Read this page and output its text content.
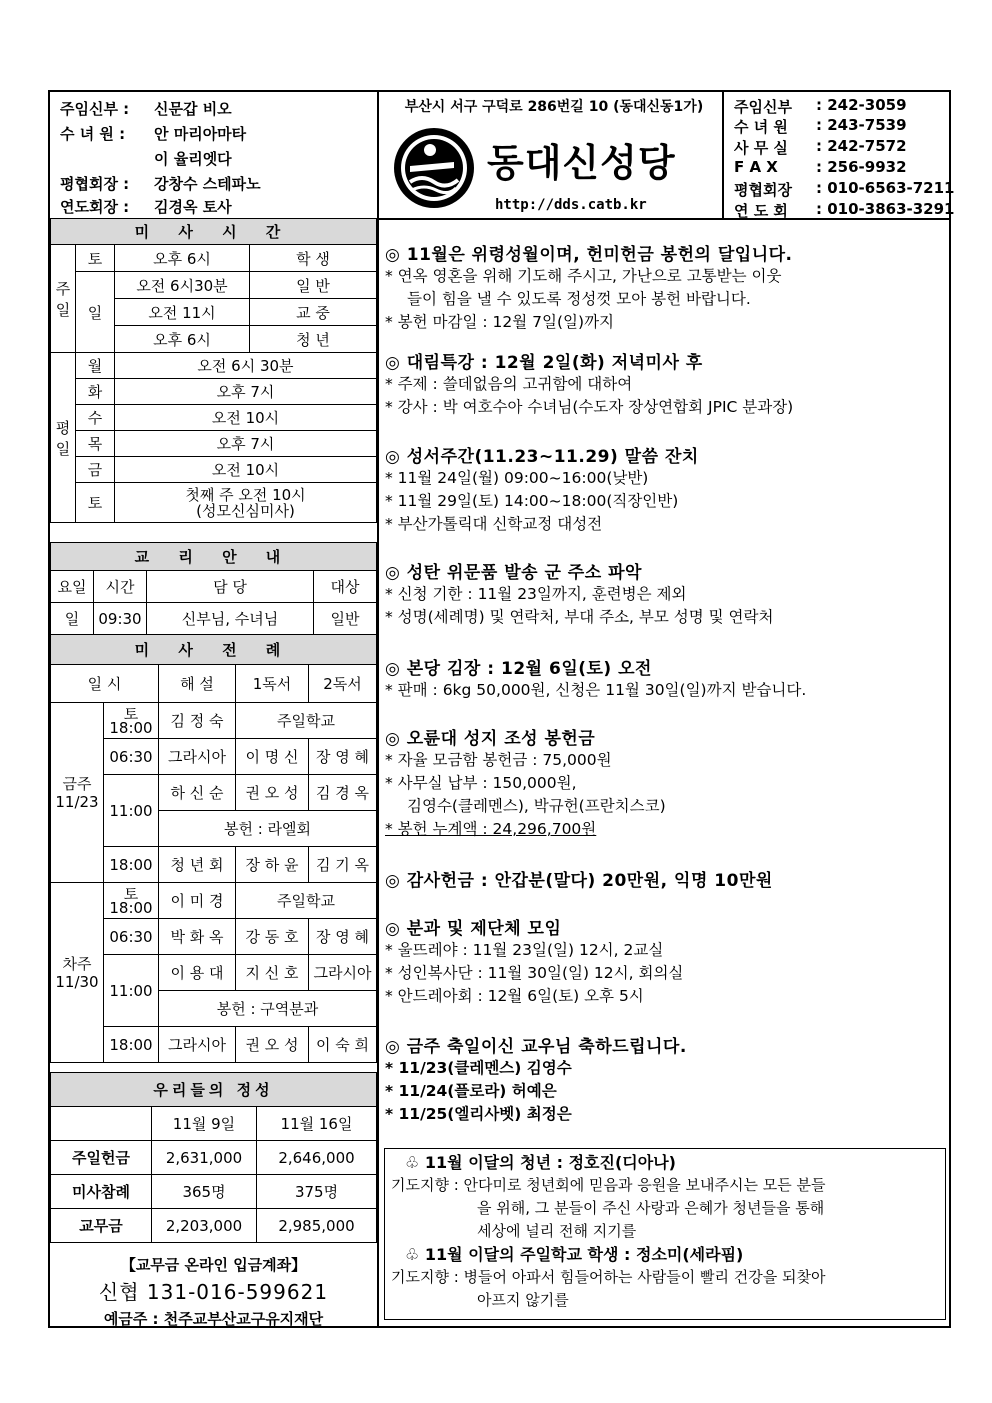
주임신부 : 신문갑 비오
수 녀 원 : 안 마리아마타
이 율리엣다
평협회장 : 강창수 스테파노
연도회장 : 김경옥 토사
부산시 서구 구덕로 286번길 10 (동대신동1가)
동대신성당
http://dds.catb.kr
주임신부 : 242-3059
수 녀 원 : 243-7539
사 무 실 : 242-7572
F A X	: 256-9932
평협회장 : 010-6563-7211
연 도 회 : 010-3863-3291
미 사 시 간			
주일	토	오후 6시	학 생
	일	오전 6시30분	일 반
		오전 11시	교 중
		오후 6시	청 년
평일	월	오전 6시 30분	
	화	오후 7시	
	수	오전 10시	
	목	오후 7시	
	금	오전 10시	
	토	첫째 주 오전 10시
(성모신심미사)	
교 리 안 내			
요일	시간	담 당	대상
일	09:30	신부님, 수녀님	일반
미 사 전 례				
일 시		해 설	1독서	2독서
금주
11/23	토
18:00	김 정 숙	주일학교	
	06:30	그라시아	이 명 신	장 영 혜
	11:00	하 신 순	권 오 성	김 경 옥
		봉헌 : 라엘회		
	18:00	청 년 회	장 하 윤	김 기 옥
차주
11/30	토
18:00	이 미 경	주일학교	
	06:30	박 화 옥	강 동 호	장 영 혜
	11:00	이 용 대	지 신 호	그라시아
		봉헌 : 구역분과		
	18:00	그라시아	권 오 성	이 숙 희
우리들의 정성		
	11월 9일	11월 16일
주일헌금	2,631,000	2,646,000
미사참례	365명	375명
교무금	2,203,000	2,985,000
【교무금 온라인 입금계좌】
신협 131-016-599621
예금주 : 천주교부산교구유지재단
◎ 11월은 위령성월이며, 헌미헌금 봉헌의 달입니다.

* 연옥 영혼을 위해 기도해 주시고, 가난으로 고통받는 이웃

들이 힘을 낼 수 있도록 정성껏 모아 봉헌 바랍니다.

* 봉헌 마감일 : 12월 7일(일)까지

◎ 대림특강 : 12월 2일(화) 저녁미사 후

* 주제 : 쓸데없음의 고귀함에 대하여

* 강사 : 박 여호수아 수녀님(수도자 장상연합회 JPIC 분과장)

◎ 성서주간(11.23~11.29) 말씀 잔치

* 11월 24일(월) 09:00~16:00(낮반)

* 11월 29일(토) 14:00~18:00(직장인반)

* 부산가톨릭대 신학교정 대성전

◎ 성탄 위문품 발송 군 주소 파악

* 신청 기한 : 11월 23일까지, 훈련병은 제외

* 성명(세례명) 및 연락처, 부대 주소, 부모 성명 및 연락처

◎ 본당 김장 : 12월 6일(토) 오전

* 판매 : 6kg 50,000원, 신청은 11월 30일(일)까지 받습니다.

◎ 오륜대 성지 조성 봉헌금

* 자율 모금함 봉헌금 : 75,000원

* 사무실 납부 : 150,000원,

김영수(클레멘스), 박규헌(프란치스코)

* 봉헌 누계액 : 24,296,700원

◎ 감사헌금 : 안갑분(말다) 20만원, 익명 10만원
◎ 분과 및 제단체 모임

* 울뜨레야 : 11월 23일(일) 12시, 2교실

* 성인복사단 : 11월 30일(일) 12시, 회의실

* 안드레아회 : 12월 6일(토) 오후 5시

◎ 금주 축일이신 교우님 축하드립니다.

* 11/23(클레멘스) 김영수

* 11/24(플로라) 허예은

* 11/25(엘리사벳) 최정은

♧ 11월 이달의 청년 : 정호진(디아나)

기도지향 : 안다미로 청년회에 믿음과 응원을 보내주시는 모든 분들

을 위해, 그 분들이 주신 사랑과 은혜가 청년들을 통해

세상에 널리 전해 지기를

♧ 11월 이달의 주일학교 학생 : 정소미(세라핌)

기도지향 : 병들어 아파서 힘들어하는 사람들이 빨리 건강을 되찾아

아프지 않기를
